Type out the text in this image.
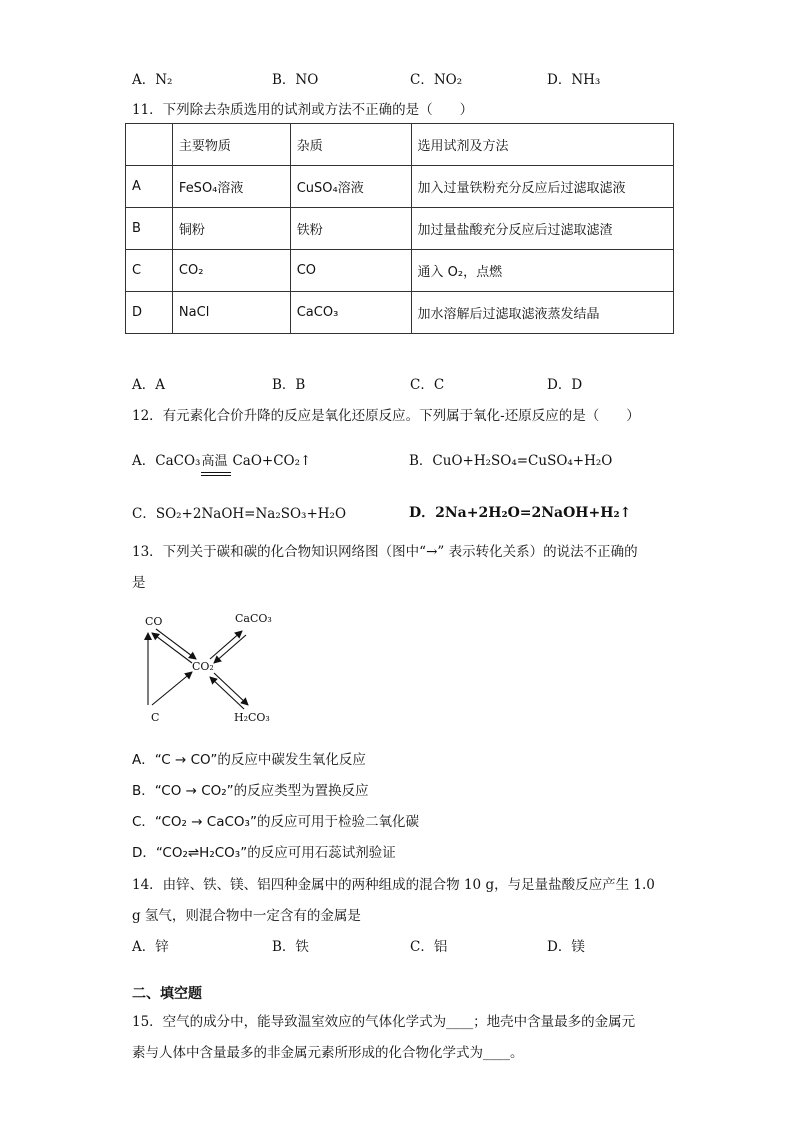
A．N₂	B．NO	C．NO₂	D．NH₃
11．下列除去杂质选用的试剂或方法不正确的是（　　）
	主要物质	杂质	选用试剂及方法
A	FeSO₄溶液	CuSO₄溶液	加入过量铁粉充分反应后过滤取滤液
B	铜粉	铁粉	加过量盐酸充分反应后过滤取滤渣
C	CO₂	CO	通入 O₂，点燃
D	NaCl	CaCO₃	加水溶解后过滤取滤液蒸发结晶
A．A	B．B	C．C	D．D
12．有元素化合价升降的反应是氧化还原反应。下列属于氧化-还原反应的是（　　）
A．CaCO₃ 高温 CaO+CO₂↑	B．CuO+H₂SO₄=CuSO₄+H₂O
C．SO₂+2NaOH=Na₂SO₃+H₂O	D．2Na+2H₂O=2NaOH+H₂↑
13．下列关于碳和碳的化合物知识网络图（图中“→” 表示转化关系）的说法不正确的
是
CO	CaCO₃
CO₂
C	H₂CO₃
A．“C → CO”的反应中碳发生氧化反应
B．“CO → CO₂”的反应类型为置换反应
C．“CO₂ → CaCO₃”的反应可用于检验二氧化碳
D．“CO₂⇌H₂CO₃”的反应可用石蕊试剂验证
14．由锌、铁、镁、铝四种金属中的两种组成的混合物 10 g，与足量盐酸反应产生 1.0
g 氢气，则混合物中一定含有的金属是
A．锌	B．铁	C．铝	D．镁
二、填空题
15．空气的成分中，能导致温室效应的气体化学式为____；地壳中含量最多的金属元
素与人体中含量最多的非金属元素所形成的化合物化学式为____。
